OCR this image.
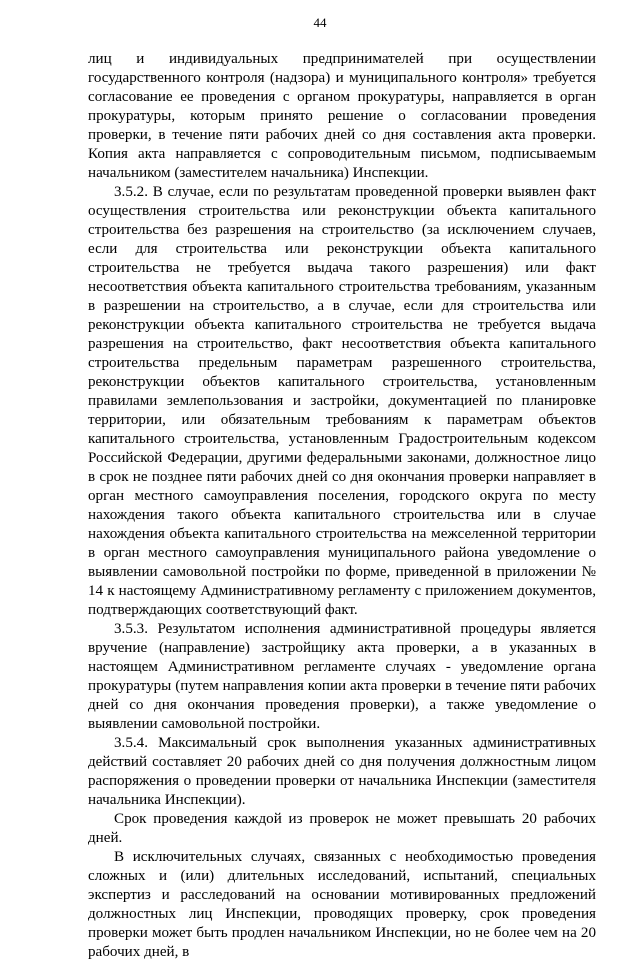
44

лиц и индивидуальных предпринимателей при осуществлении государственного контроля (надзора) и муниципального контроля» требуется согласование ее проведения с органом прокуратуры, направляется в орган прокуратуры, которым принято решение о согласовании проведения проверки, в течение пяти рабочих дней со дня составления акта проверки. Копия акта направляется с сопроводительным письмом, подписываемым начальником (заместителем начальника) Инспекции.

3.5.2. В случае, если по результатам проведенной проверки выявлен факт осуществления строительства или реконструкции объекта капитального строительства без разрешения на строительство (за исключением случаев, если для строительства или реконструкции объекта капитального строительства не требуется выдача такого разрешения) или факт несоответствия объекта капитального строительства требованиям, указанным в разрешении на строительство, а в случае, если для строительства или реконструкции объекта капитального строительства не требуется выдача разрешения на строительство, факт несоответствия объекта капитального строительства предельным параметрам разрешенного строительства, реконструкции объектов капитального строительства, установленным правилами землепользования и застройки, документацией по планировке территории, или обязательным требованиям к параметрам объектов капитального строительства, установленным Градостроительным кодексом Российской Федерации, другими федеральными законами, должностное лицо в срок не позднее пяти рабочих дней со дня окончания проверки направляет в орган местного самоуправления поселения, городского округа по месту нахождения такого объекта капитального строительства или в случае нахождения объекта капитального строительства на межселенной территории в орган местного самоуправления муниципального района уведомление о выявлении самовольной постройки по форме, приведенной в приложении № 14 к настоящему Административному регламенту с приложением документов, подтверждающих соответствующий факт.

3.5.3. Результатом исполнения административной процедуры является вручение (направление) застройщику акта проверки, а в указанных в настоящем Административном регламенте случаях - уведомление органа прокуратуры (путем направления копии акта проверки в течение пяти рабочих дней со дня окончания проведения проверки), а также уведомление о выявлении самовольной постройки.

3.5.4. Максимальный срок выполнения указанных административных действий составляет 20 рабочих дней со дня получения должностным лицом распоряжения о проведении проверки от начальника Инспекции (заместителя начальника Инспекции).

Срок проведения каждой из проверок не может превышать 20 рабочих дней.

В исключительных случаях, связанных с необходимостью проведения сложных и (или) длительных исследований, испытаний, специальных экспертиз и расследований на основании мотивированных предложений должностных лиц Инспекции, проводящих проверку, срок проведения проверки может быть продлен начальником Инспекции, но не более чем на 20 рабочих дней, в
